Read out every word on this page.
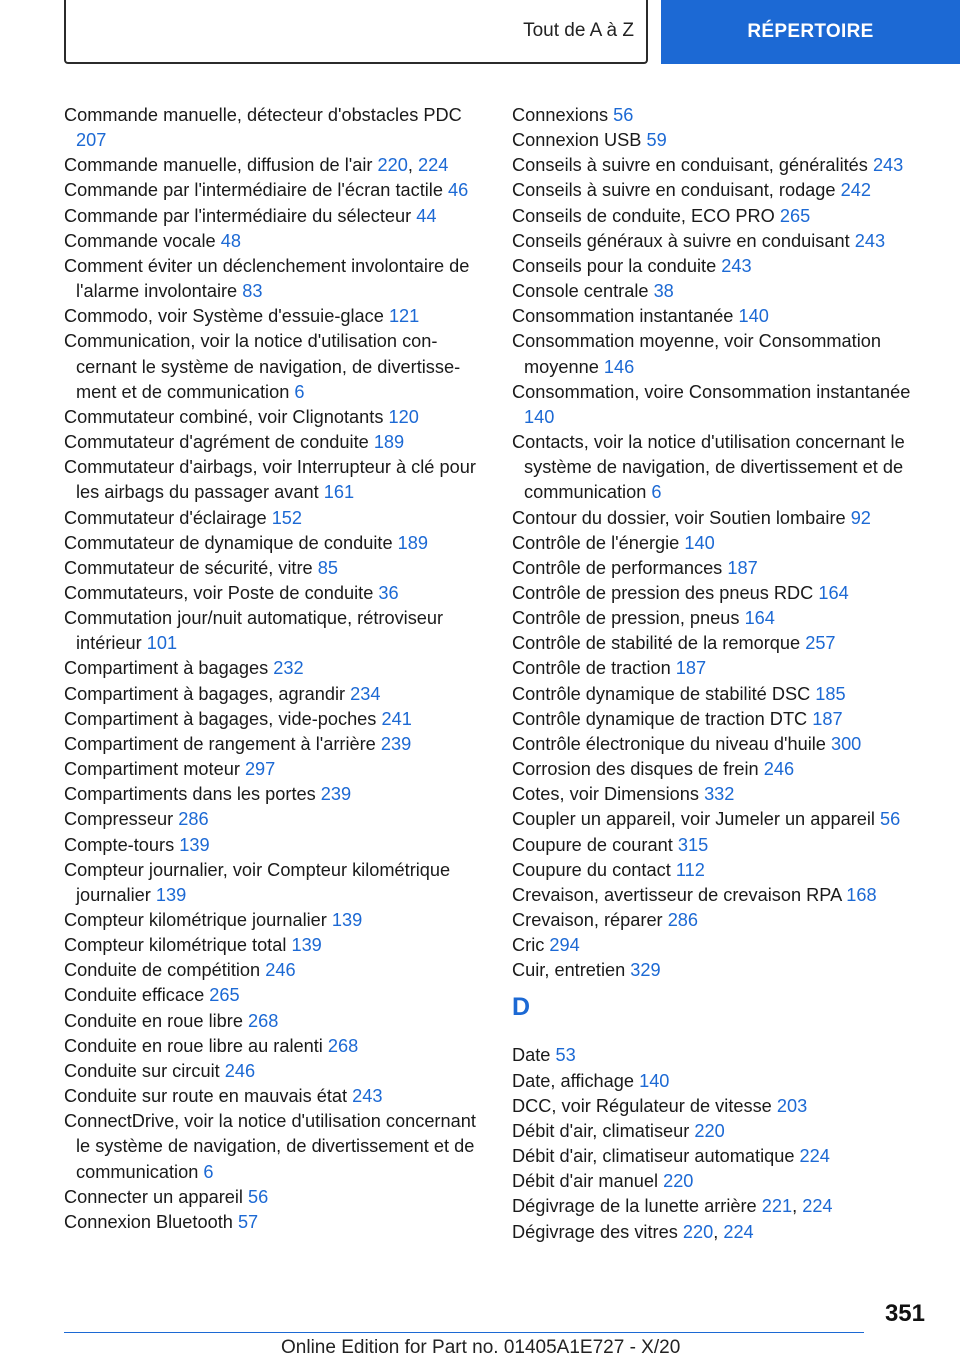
Tout de A à Z	RÉPERTOIRE
Commande manuelle, détecteur d'obstacles PDC 207
Commande manuelle, diffusion de l'air 220, 224
Commande par l'intermédiaire de l'écran tactile 46
Commande par l'intermédiaire du sélecteur 44
Commande vocale 48
Comment éviter un déclenchement involontaire de l'alarme involontaire 83
Commodo, voir Système d'essuie-glace 121
Communication, voir la notice d'utilisation concernant le système de navigation, de divertissement et de communication 6
Commutateur combiné, voir Clignotants 120
Commutateur d'agrément de conduite 189
Commutateur d'airbags, voir Interrupteur à clé pour les airbags du passager avant 161
Commutateur d'éclairage 152
Commutateur de dynamique de conduite 189
Commutateur de sécurité, vitre 85
Commutateurs, voir Poste de conduite 36
Commutation jour/nuit automatique, rétroviseur intérieur 101
Compartiment à bagages 232
Compartiment à bagages, agrandir 234
Compartiment à bagages, vide-poches 241
Compartiment de rangement à l'arrière 239
Compartiment moteur 297
Compartiments dans les portes 239
Compresseur 286
Compte-tours 139
Compteur journalier, voir Compteur kilométrique journalier 139
Compteur kilométrique journalier 139
Compteur kilométrique total 139
Conduite de compétition 246
Conduite efficace 265
Conduite en roue libre 268
Conduite en roue libre au ralenti 268
Conduite sur circuit 246
Conduite sur route en mauvais état 243
ConnectDrive, voir la notice d'utilisation concernant le système de navigation, de divertissement et de communication 6
Connecter un appareil 56
Connexion Bluetooth 57
Connexions 56
Connexion USB 59
Conseils à suivre en conduisant, généralités 243
Conseils à suivre en conduisant, rodage 242
Conseils de conduite, ECO PRO 265
Conseils généraux à suivre en conduisant 243
Conseils pour la conduite 243
Console centrale 38
Consommation instantanée 140
Consommation moyenne, voir Consommation moyenne 146
Consommation, voire Consommation instantanée 140
Contacts, voir la notice d'utilisation concernant le système de navigation, de divertissement et de communication 6
Contour du dossier, voir Soutien lombaire 92
Contrôle de l'énergie 140
Contrôle de performances 187
Contrôle de pression des pneus RDC 164
Contrôle de pression, pneus 164
Contrôle de stabilité de la remorque 257
Contrôle de traction 187
Contrôle dynamique de stabilité DSC 185
Contrôle dynamique de traction DTC 187
Contrôle électronique du niveau d'huile 300
Corrosion des disques de frein 246
Cotes, voir Dimensions 332
Coupler un appareil, voir Jumeler un appareil 56
Coupure de courant 315
Coupure du contact 112
Crevaison, avertisseur de crevaison RPA 168
Crevaison, réparer 286
Cric 294
Cuir, entretien 329
D
Date 53
Date, affichage 140
DCC, voir Régulateur de vitesse 203
Débit d'air, climatiseur 220
Débit d'air, climatiseur automatique 224
Débit d'air manuel 220
Dégivrage de la lunette arrière 221, 224
Dégivrage des vitres 220, 224
351
Online Edition for Part no. 01405A1E727 - X/20
